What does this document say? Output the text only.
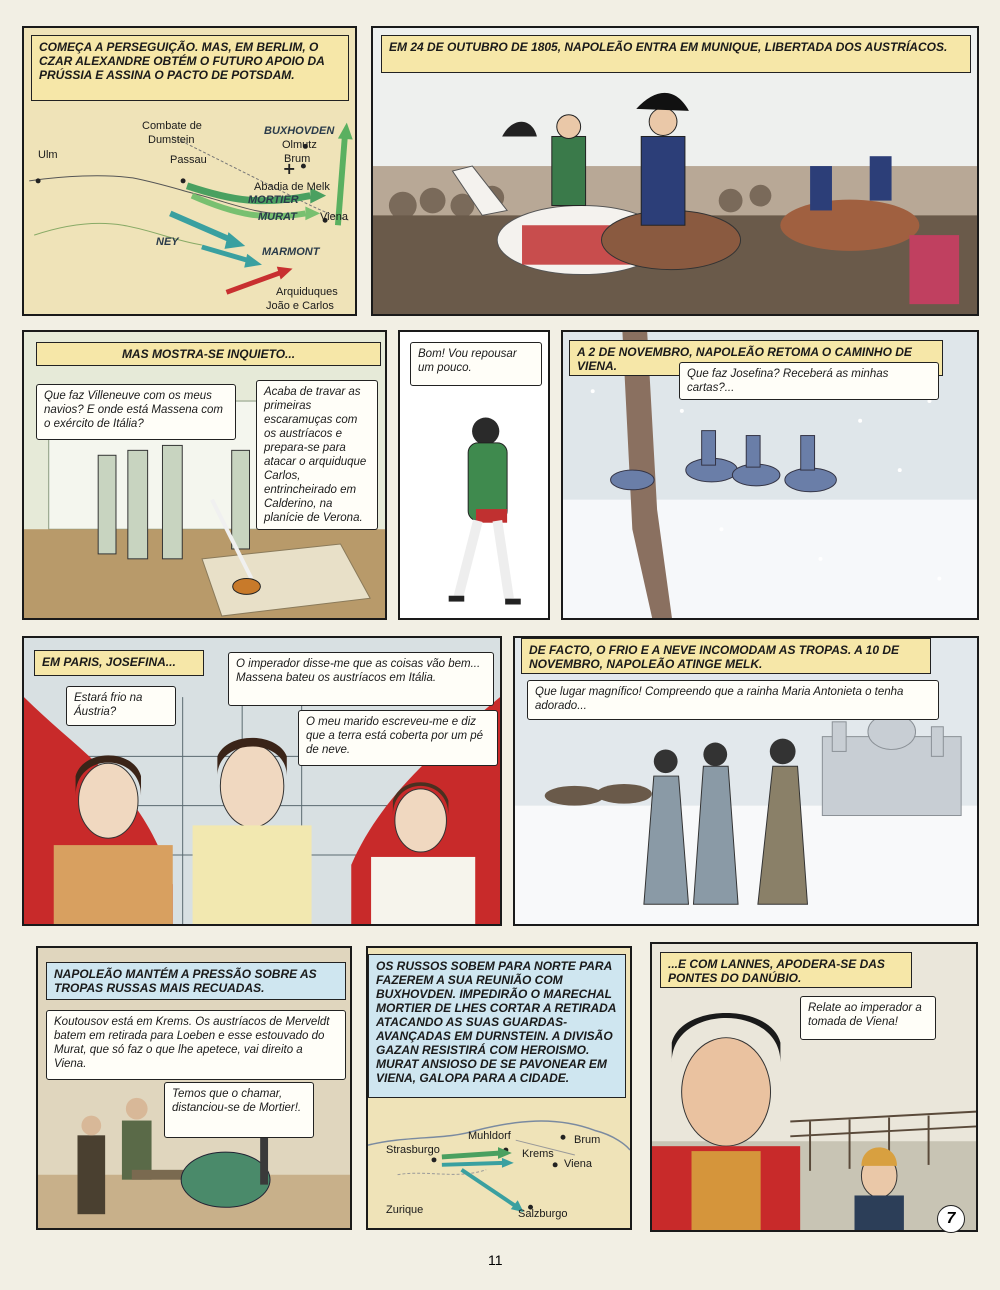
+
COMEÇA A PERSEGUIÇÃO. MAS, EM BERLIM, O CZAR ALEXANDRE OBTÉM O FUTURO APOIO DA PRÚSSIA E ASSINA O PACTO DE POTSDAM.
Combate de
Dumstein
BUXHOVDEN
Olmutz
Brum
Ulm	Passau
Abadia de Melk
MORTIER
MURAT Viena
NEY
MARMONT
Arquiduques
João e Carlos
EM 24 DE OUTUBRO DE 1805, NAPOLEÃO ENTRA EM MUNIQUE, LIBERTADA DOS AUSTRÍACOS.
MAS MOSTRA-SE INQUIETO...
Que faz Villeneuve com os meus navios? E onde está Massena com o exército de Itália?
Acaba de travar as primeiras escaramuças com os austríacos e prepara-se para atacar o arquiduque Carlos, entrincheirado em Calderino, na planície de Verona.
Bom! Vou repousar um pouco.
A 2 DE NOVEMBRO, NAPOLEÃO RETOMA O CAMINHO DE VIENA.
Que faz Josefina? Receberá as minhas cartas?...
EM PARIS, JOSEFINA...
Estará frio na Áustria?
O imperador disse-me que as coisas vão bem... Massena bateu os austríacos em Itália.
O meu marido escreveu-me e diz que a terra está coberta por um pé de neve.
DE FACTO, O FRIO E A NEVE INCOMODAM AS TROPAS. A 10 DE NOVEMBRO, NAPOLEÃO ATINGE MELK.
Que lugar magnífico! Compreendo que a rainha Maria Antonieta o tenha adorado...
NAPOLEÃO MANTÉM A PRESSÃO SOBRE AS TROPAS RUSSAS MAIS RECUADAS.
Koutousov está em Krems. Os austríacos de Merveldt batem em retirada para Loeben e esse estouvado do Murat, que só faz o que lhe apetece, vai direito a Viena.
Temos que o chamar, distanciou-se de Mortier!.
OS RUSSOS SOBEM PARA NORTE PARA FAZEREM A SUA REUNIÃO COM BUXHOVDEN. IMPEDIRÃO O MARECHAL MORTIER DE LHES CORTAR A RETIRADA ATACANDO AS SUAS GUARDAS-AVANÇADAS EM DURNSTEIN. A DIVISÃO GAZAN RESISTIRÁ COM HEROISMO. MURAT ANSIOSO DE SE PAVONEAR EM VIENA, GALOPA PARA A CIDADE.
Muhldorf	Brum
Strasburgo	Krems
Viena
Zurique	Salzburgo
...E COM LANNES, APODERA-SE DAS PONTES DO DANÚBIO.
Relate ao imperador a tomada de Viena!
7
11
